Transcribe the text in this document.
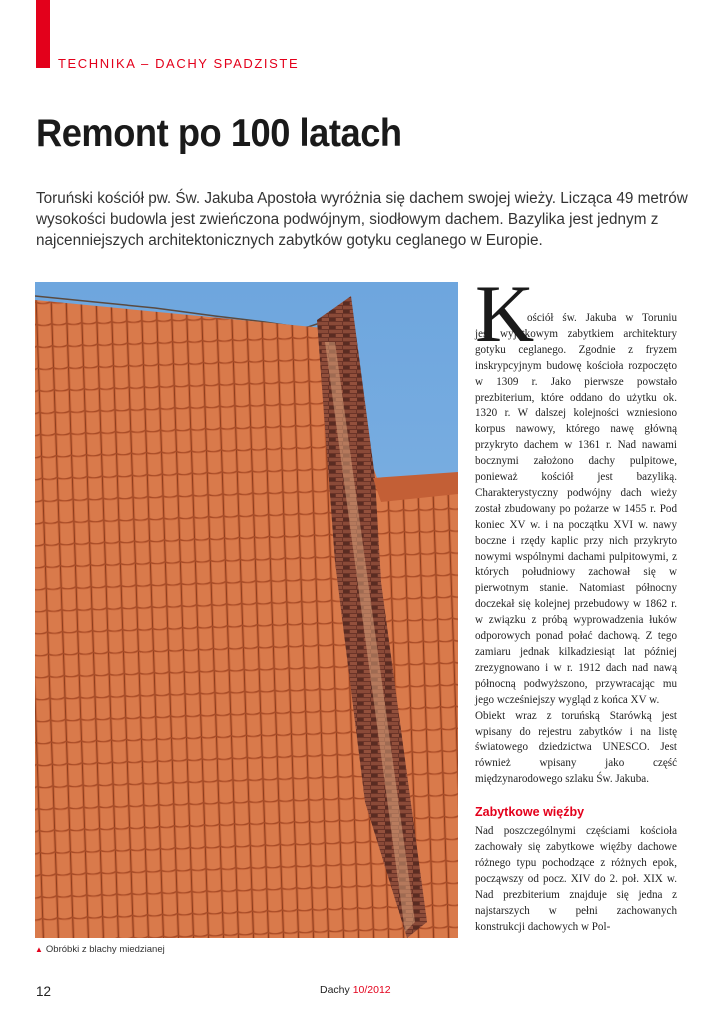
TECHNIKA – DACHY SPADZISTE
Remont po 100 latach

Toruński kościół pw. Św. Jakuba Apostoła wyróżnia się dachem swojej wieży. Licząca 49 metrów wysokości budowla jest zwieńczona podwójnym, siodłowym dachem. Bazylika jest jednym z najcenniejszych architektonicznych zabytków gotyku ceglanego w Europie.

▲ Obróbki z blachy miedzianej
K
ościół św. Jakuba w Toruniu

jest wyjątkowym zabytkiem architektury gotyku ceglanego. Zgodnie z fryzem inskrypcyjnym budowę kościoła rozpoczęto w 1309 r. Jako pierwsze powstało prezbiterium, które oddano do użytku ok. 1320 r. W dalszej kolejności wzniesiono korpus nawowy, którego nawę główną przykryto dachem w 1361 r. Nad nawami bocznymi założono dachy pulpitowe, ponieważ kościół jest bazyliką. Charakterystyczny podwójny dach wieży został zbudowany po pożarze w 1455 r. Pod koniec XV w. i na początku XVI w. nawy boczne i rzędy kaplic przy nich przykryto nowymi wspólnymi dachami pulpitowymi, z których południowy zachował się w pierwotnym stanie. Natomiast północny doczekał się kolejnej przebudowy w 1862 r. w związku z próbą wyprowadzenia łuków odporowych ponad połać dachową. Z tego zamiaru jednak kilkadziesiąt lat później zrezygnowano i w r. 1912 dach nad nawą północną podwyższono, przywracając mu jego wcześniejszy wygląd z końca XV w.

Obiekt wraz z toruńską Starówką jest wpisany do rejestru zabytków i na listę światowego dziedzictwa UNESCO. Jest również wpisany jako część międzynarodowego szlaku Św. Jakuba.

Zabytkowe więźby

Nad poszczególnymi częściami kościoła zachowały się zabytkowe więźby dachowe różnego typu pochodzące z różnych epok, począwszy od pocz. XIV do 2. poł. XIX w. Nad prezbiterium znajduje się jedna z najstarszych w pełni zachowanych konstrukcji dachowych w Pol-

12	Dachy 10/2012
